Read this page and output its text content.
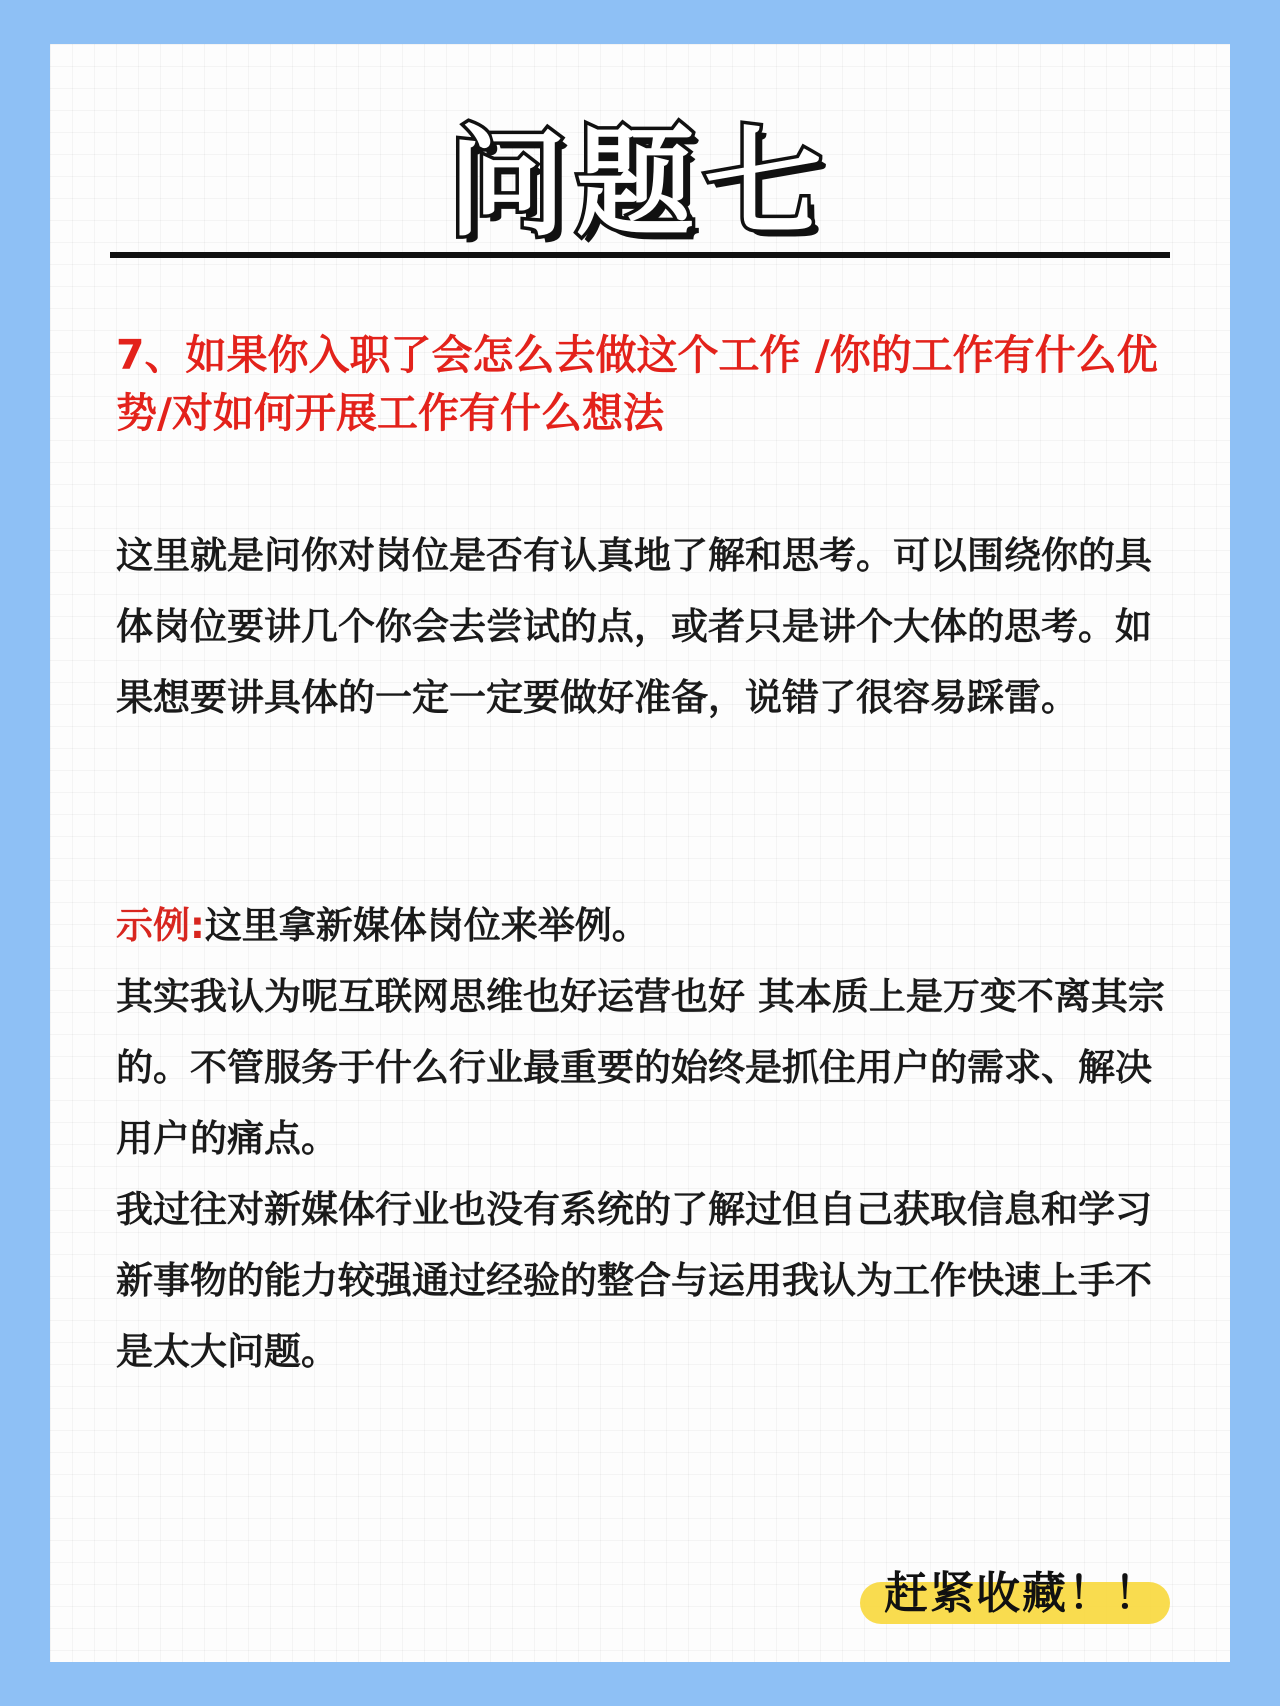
问题七
7、如果你入职了会怎么去做这个工作 /你的工作有什么优势/对如何开展工作有什么想法
这里就是问你对岗位是否有认真地了解和思考。可以围绕你的具体岗位要讲几个你会去尝试的点，或者只是讲个大体的思考。如果想要讲具体的一定一定要做好准备，说错了很容易踩雷。
示例:这里拿新媒体岗位来举例。
其实我认为呢互联网思维也好运营也好 其本质上是万变不离其宗的。不管服务于什么行业最重要的始终是抓住用户的需求、解决用户的痛点。
我过往对新媒体行业也没有系统的了解过但自己获取信息和学习新事物的能力较强通过经验的整合与运用我认为工作快速上手不是太大问题。
赶紧收藏！！
